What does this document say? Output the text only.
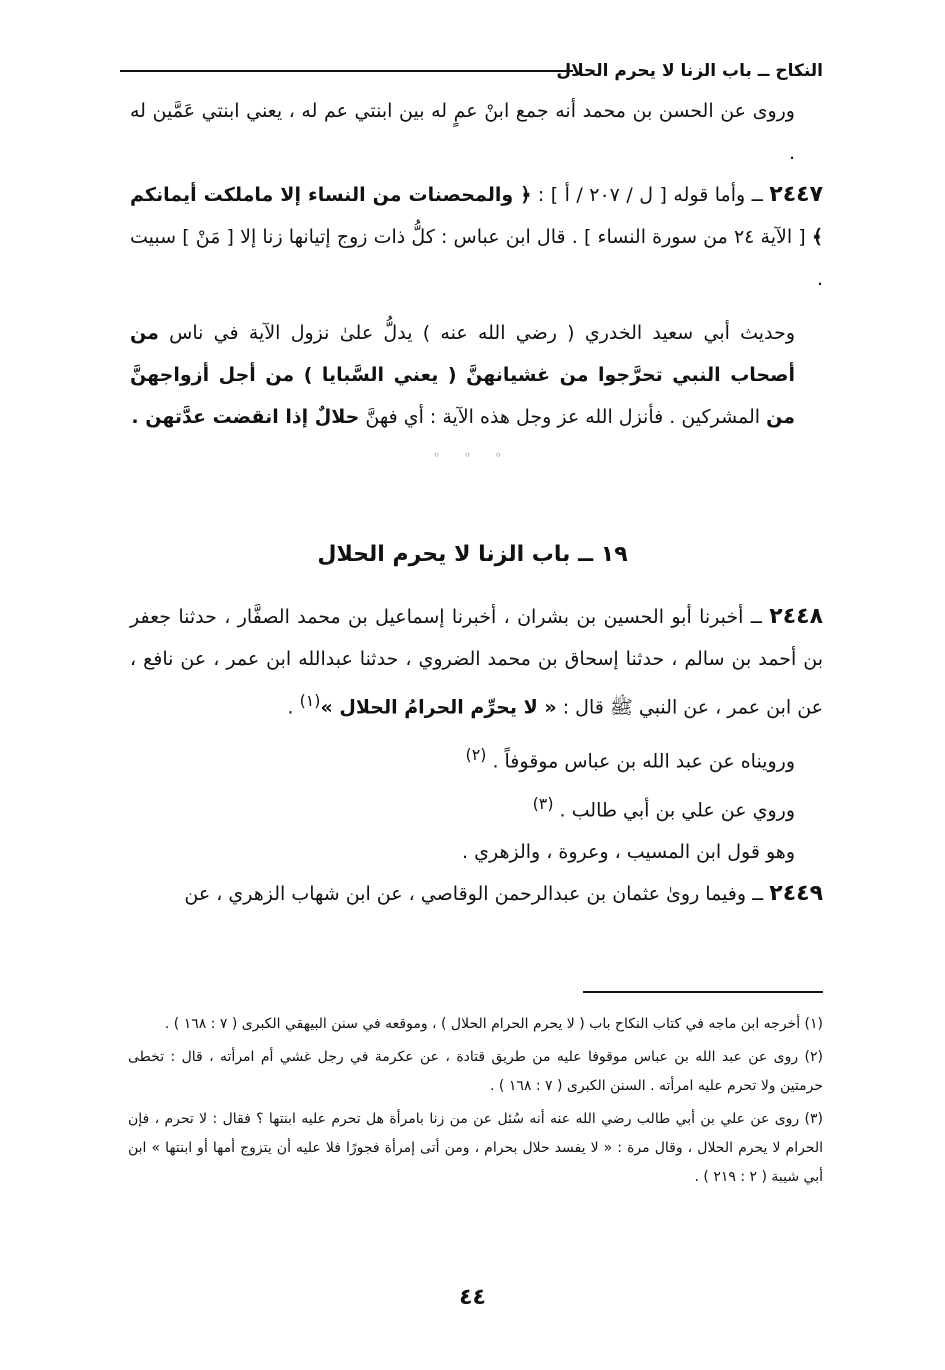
النكاح ــ باب الزنا لا يحرم الحلال

وروى عن الحسن بن محمد أنه جمع ابنْ عمٍ له بين ابنتي عم له ، يعني ابنتي عَمَّين له .

٢٤٤٧ ــ وأما قوله [ ل / ٢٠٧ / أ ] : ﴿ والمحصنات من النساء إلا ماملكت أيمانكم ﴾ [ الآية ٢٤ من سورة النساء ] . قال ابن عباس : كلُّ ذات زوج إتيانها زنا إلا [ مَنْ ] سبيت .

وحديث أبي سعيد الخدري ( رضي الله عنه ) يدلُّ علىٰ نزول الآية في ناس من أصحاب النبي تحرَّجوا من غشيانهنَّ ( يعني السَّبايا ) من أجل أزواجهنَّ من المشركين . فأنزل الله عز وجل هذه الآية : أي فهنَّ حلالٌ إذا انقضت عدَّتهن .

◦ ◦ ◦
١٩ ــ باب الزنا لا يحرم الحلال

٢٤٤٨ ــ أخبرنا أبو الحسين بن بشران ، أخبرنا إسماعيل بن محمد الصفَّار ، حدثنا جعفر بن أحمد بن سالم ، حدثنا إسحاق بن محمد الضروي ، حدثنا عبدالله ابن عمر ، عن نافع ، عن ابن عمر ، عن النبي ﷺ قال : « لا يحرِّم الحرامُ الحلال »$^{(١)}$ .

ورويناه عن عبد الله بن عباس موقوفاً . $^{(٢)}$

وروي عن علي بن أبي طالب . $^{(٣)}$

وهو قول ابن المسيب ، وعروة ، والزهري .

٢٤٤٩ ــ وفيما روىٰ عثمان بن عبدالرحمن الوقاصي ، عن ابن شهاب الزهري ، عن

(١) أخرجه ابن ماجه في كتاب النكاح باب ( لا يحرم الحرام الحلال ) ، وموقعه في سنن البيهقي الكبرى ( ٧ : ١٦٨ ) .

(٢) روى عن عبد الله بن عباس موقوفا عليه من طريق قتادة ، عن عكرمة في رجل غشي أم امرأته ، قال : تخطى حرمتين ولا تحرم عليه امرأته . السنن الكبرى ( ٧ : ١٦٨ ) .

(٣) روى عن علي بن أبي طالب رضي الله عنه أنه سُئل عن من زنا بامرأة هل تحرم عليه ابنتها ؟ فقال : لا تحرم ، فإن الحرام لا يحرم الحلال ، وقال مرة : « لا يفسد حلال بحرام ، ومن أتى إمرأة فجورًا فلا عليه أن يتزوج أمها أو ابنتها » ابن أبي شيبة ( ٢ : ٢١٩ ) .

٤٤
